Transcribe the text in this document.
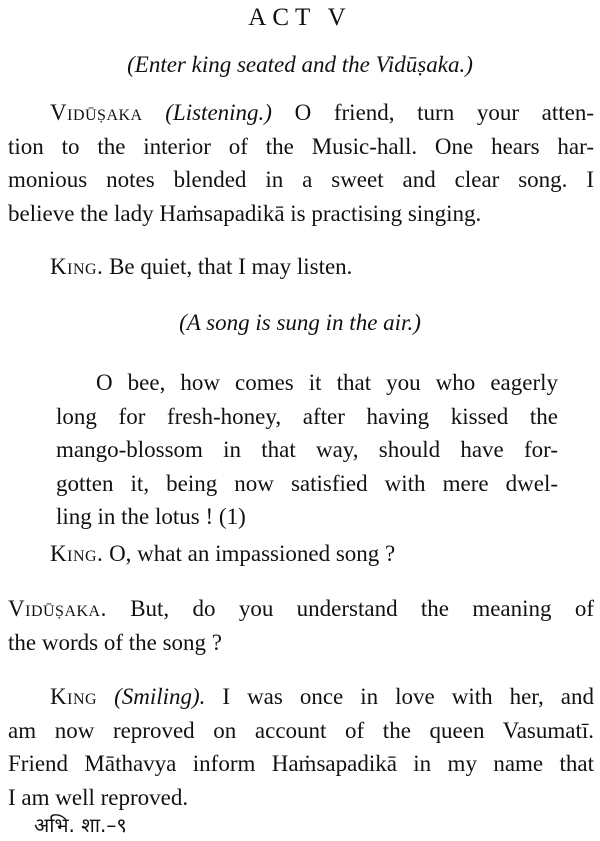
ACT V

(Enter king seated and the Vidūṣaka.)

Vidūṣaka (Listening.) O friend, turn your atten-
tion to the interior of the Music-hall. One hears har-
monious notes blended in a sweet and clear song. I
believe the lady Haṁsapadikā is practising singing.
King. Be quiet, that I may listen.

(A song is sung in the air.)

O bee, how comes it that you who eagerly
long for fresh-honey, after having kissed the
mango-blossom in that way, should have for-
gotten it, being now satisfied with mere dwel-
ling in the lotus ! (1)
King. O, what an impassioned song ?
Vidūṣaka. But, do you understand the meaning of
the words of the song ?
King (Smiling). I was once in love with her, and
am now reproved on account of the queen Vasumatī.
Friend Māthavya inform Haṁsapadikā in my name that
I am well reproved.

अभि. शा.–९
